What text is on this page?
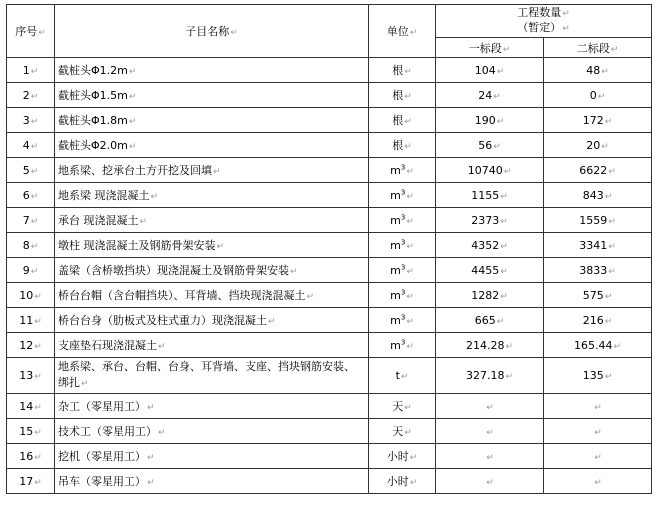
序号↵	子目名称↵	单位↵	工程数量↵
（暂定）↵	

			一标段↵	二标段↵
1↵	截桩头Φ1.2m↵	根↵	104↵	48↵
2↵	截桩头Φ1.5m↵	根↵	24↵	0↵
3↵	截桩头Φ1.8m↵	根↵	190↵	172↵
4↵	截桩头Φ2.0m↵	根↵	56↵	20↵
5↵	地系梁、挖承台土方开挖及回填↵	$m^3↵$	10740↵	6622↵
6↵	地系梁 现浇混凝土↵	$m^3↵$	1155↵	843↵
7↵	承台 现浇混凝土↵	$m^3↵$	2373↵	1559↵
8↵	墩柱 现浇混凝土及钢筋骨架安装↵	$m^3↵$	4352↵	3341↵
9↵	盖梁（含桥墩挡块）现浇混凝土及钢筋骨架安装↵	$m^3↵$	4455↵	3833↵
10↵	桥台台帽（含台帽挡块）、耳背墙、挡块现浇混凝土↵	$m^3↵$	1282↵	575↵
11↵	桥台台身（肋板式及柱式重力）现浇混凝土↵	$m^3↵$	665↵	216↵
12↵	支座垫石现浇混凝土↵	$m^3↵$	214.28↵	165.44↵
13↵	地系梁、承台、台帽、台身、耳背墙、支座、挡块钢筋安装、绑扎↵	t↵	327.18↵	135↵
14↵	杂工（零星用工）↵	天↵	↵	↵
15↵	技术工（零星用工）↵	天↵	↵	↵
16↵	挖机（零星用工）↵	小时↵	↵	↵
17↵	吊车（零星用工）↵	小时↵	↵	↵
